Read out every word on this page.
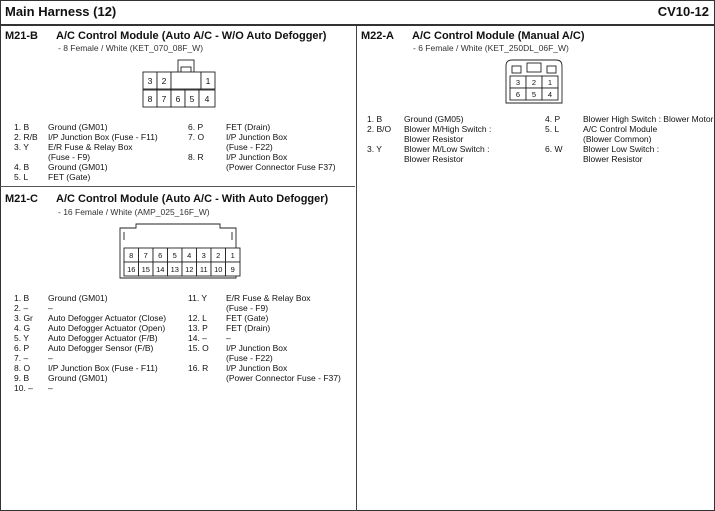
Main Harness (12)	CV10-12
M21-B A/C Control Module (Auto A/C - W/O Auto Defogger)
- 8 Female / White (KET_070_08F_W)
3 2	1
8 7 6 5 4
1. B Ground (GM01)
2. R/B I/P Junction Box (Fuse - F11)
3. Y E/R Fuse & Relay Box
(Fuse - F9)
4. B Ground (GM01)
5. L FET (Gate)
6. P	FET (Drain)
7. O	I/P Junction Box
(Fuse - F22)
8. R	I/P Junction Box
(Power Connector Fuse F37)
M21-C A/C Control Module (Auto A/C - With Auto Defogger)
- 16 Female / White (AMP_025_16F_W)
8 7 6 5 4 3 2 1
16 15 14 13 12 11 10 9
1. B Ground (GM01)
2. – –
3. Gr Auto Defogger Actuator (Close)
4. G Auto Defogger Actuator (Open)
5. Y Auto Defogger Actuator (F/B)
6. P Auto Defogger Sensor (F/B)
7. – –
8. O I/P Junction Box (Fuse - F11)
9. B Ground (GM01)
10. – –
11. Y E/R Fuse & Relay Box
(Fuse - F9)
12. L FET (Gate)
13. P FET (Drain)
14. – –
15. O I/P Junction Box
(Fuse - F22)
16. R I/P Junction Box
(Power Connector Fuse - F37)
M22-A A/C Control Module (Manual A/C)
- 6 Female / White (KET_250DL_06F_W)
3 2 1
6 5 4
1. B	Ground (GM05)
2. B/O Blower M/High Switch :
Blower Resistor
3. Y	Blower M/Low Switch :
Blower Resistor
4. P	Blower High Switch : Blower Motor
5. L	A/C Control Module
(Blower Common)
6. W Blower Low Switch :
Blower Resistor
